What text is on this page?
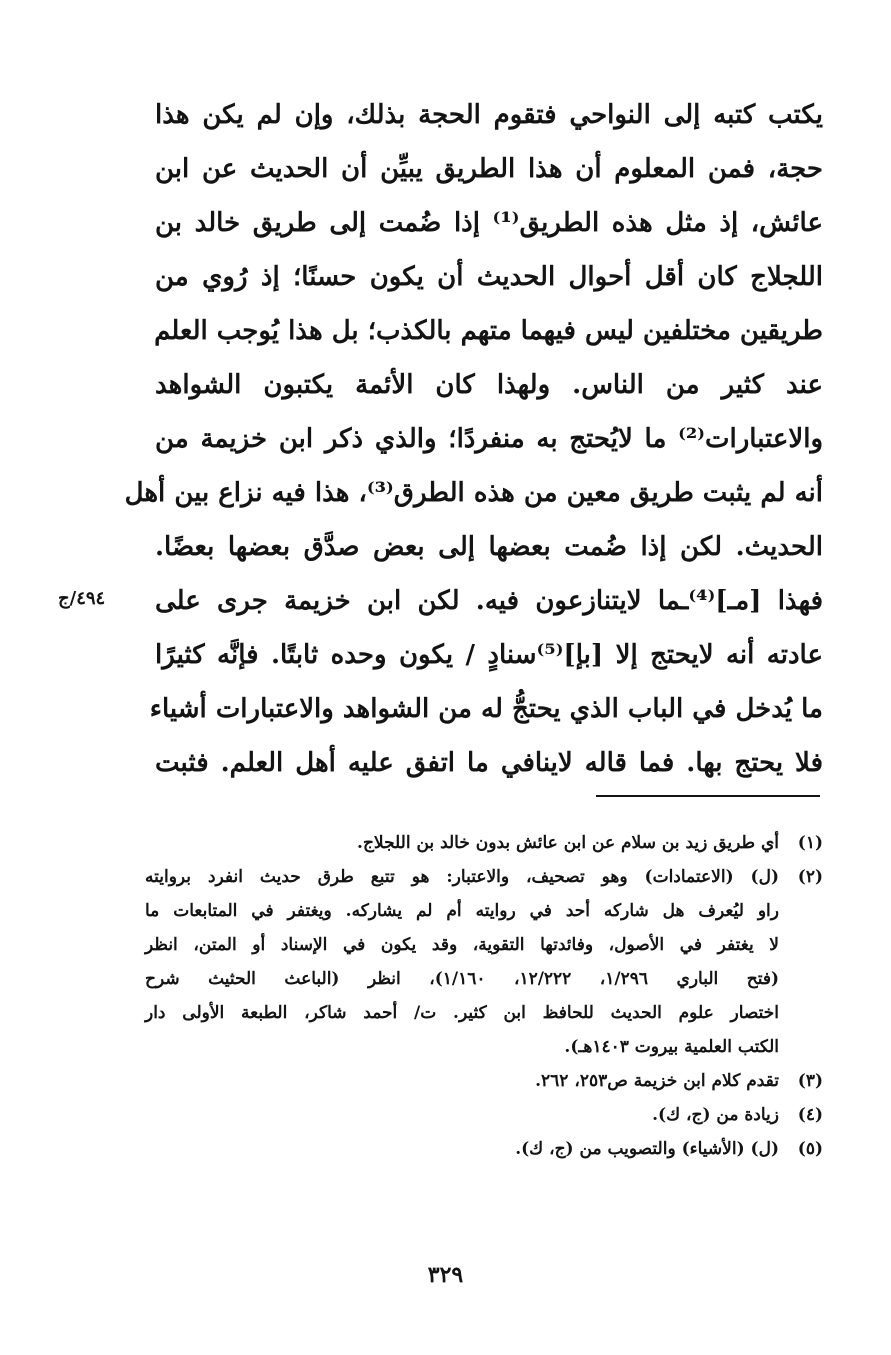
يكتب كتبه إلى النواحي فتقوم الحجة بذلك، وإن لم يكن هذا
حجة، فمن المعلوم أن هذا الطريق يبيِّن أن الحديث عن ابن
عائش، إذ مثل هذه الطريق⁽¹⁾ إذا ضُمت إلى طريق خالد بن
اللجلاج كان أقل أحوال الحديث أن يكون حسنًا؛ إذ رُوي من
طريقين مختلفين ليس فيهما متهم بالكذب؛ بل هذا يُوجب العلم
عند كثير من الناس. ولهذا كان الأئمة يكتبون الشواهد
والاعتبارات⁽²⁾ ما لايُحتج به منفردًا؛ والذي ذكر ابن خزيمة من
أنه لم يثبت طريق معين من هذه الطرق⁽³⁾، هذا فيه نزاع بين أهل
الحديث. لكن إذا ضُمت بعضها إلى بعض صدَّق بعضها بعضًا.
فهذا [مـ]⁽⁴⁾ـما لايتنازعون فيه. لكن ابن خزيمة جرى على
عادته أنه لايحتج إلا [بإ]⁽⁵⁾سنادٍ / يكون وحده ثابتًا. فإنَّه كثيرًا
ما يُدخل في الباب الذي يحتجُّ له من الشواهد والاعتبارات أشياء
فلا يحتج بها. فما قاله لاينافي ما اتفق عليه أهل العلم. فثبت
٤٩٤/ج
(١)
أي طريق زيد بن سلام عن ابن عائش بدون خالد بن اللجلاج.
(٢)
(ل) (الاعتمادات) وهو تصحيف، والاعتبار: هو تتبع طرق حديث انفرد بروايته
راو ليُعرف هل شاركه أحد في روايته أم لم يشاركه. ويغتفر في المتابعات ما
لا يغتفر في الأصول، وفائدتها التقوية، وقد يكون في الإسناد أو المتن، انظر
(فتح الباري ١/٢٩٦، ١٢/٢٢٢، ١/١٦٠)، انظر (الباعث الحثيث شرح
اختصار علوم الحديث للحافظ ابن كثير. ت/ أحمد شاكر، الطبعة الأولى دار
الكتب العلمية بيروت ١٤٠٣هـ).
(٣)
تقدم كلام ابن خزيمة ص٢٥٣، ٢٦٢.
(٤)
زيادة من (ج، ك).
(٥)
(ل) (الأشياء) والتصويب من (ج، ك).
٣٢٩
